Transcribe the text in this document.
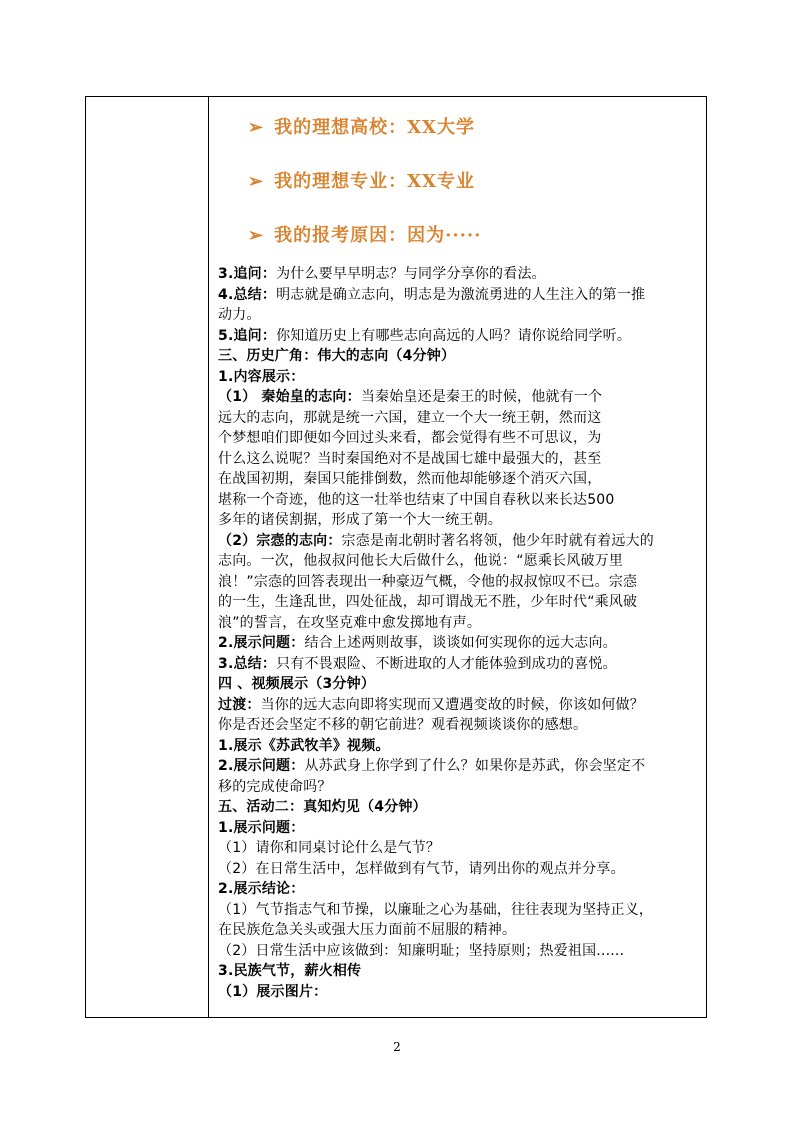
➢ 我的理想高校：XX大学
➢ 我的理想专业：XX专业
➢ 我的报考原因：因为·····
3.追问：为什么要早早明志？与同学分享你的看法。
4.总结：明志就是确立志向，明志是为激流勇进的人生注入的第一推
动力。
5.追问：你知道历史上有哪些志向高远的人吗？请你说给同学听。
三、历史广角：伟大的志向（4分钟）
1.内容展示：
（1） 秦始皇的志向：当秦始皇还是秦王的时候，他就有一个
远大的志向，那就是统一六国，建立一个大一统王朝，然而这
个梦想咱们即便如今回过头来看，都会觉得有些不可思议，为
什么这么说呢？当时秦国绝对不是战国七雄中最强大的，甚至
在战国初期，秦国只能排倒数，然而他却能够逐个消灭六国，
堪称一个奇迹，他的这一壮举也结束了中国自春秋以来长达500
多年的诸侯割据，形成了第一个大一统王朝。
（2）宗悫的志向：宗悫是南北朝时著名将领，他少年时就有着远大的
志向。一次，他叔叔问他长大后做什么，他说：“愿乘长风破万里
浪！”宗悫的回答表现出一种豪迈气概，令他的叔叔惊叹不已。宗悫
的一生，生逢乱世，四处征战，却可谓战无不胜，少年时代“乘风破
浪”的誓言，在攻坚克难中愈发掷地有声。
2.展示问题：结合上述两则故事，谈谈如何实现你的远大志向。
3.总结：只有不畏艰险、不断进取的人才能体验到成功的喜悦。
四 、视频展示（3分钟）
过渡：当你的远大志向即将实现而又遭遇变故的时候，你该如何做？
你是否还会坚定不移的朝它前进？观看视频谈谈你的感想。
1.展示《苏武牧羊》视频。
2.展示问题：从苏武身上你学到了什么？如果你是苏武，你会坚定不
移的完成使命吗？
五、活动二：真知灼见（4分钟）
1.展示问题：
（1）请你和同桌讨论什么是气节？
（2）在日常生活中，怎样做到有气节，请列出你的观点并分享。
2.展示结论：
（1）气节指志气和节操，以廉耻之心为基础，往往表现为坚持正义，
在民族危急关头或强大压力面前不屈服的精神。
（2）日常生活中应该做到：知廉明耻；坚持原则；热爱祖国......
3.民族气节，薪火相传
（1）展示图片：
2
